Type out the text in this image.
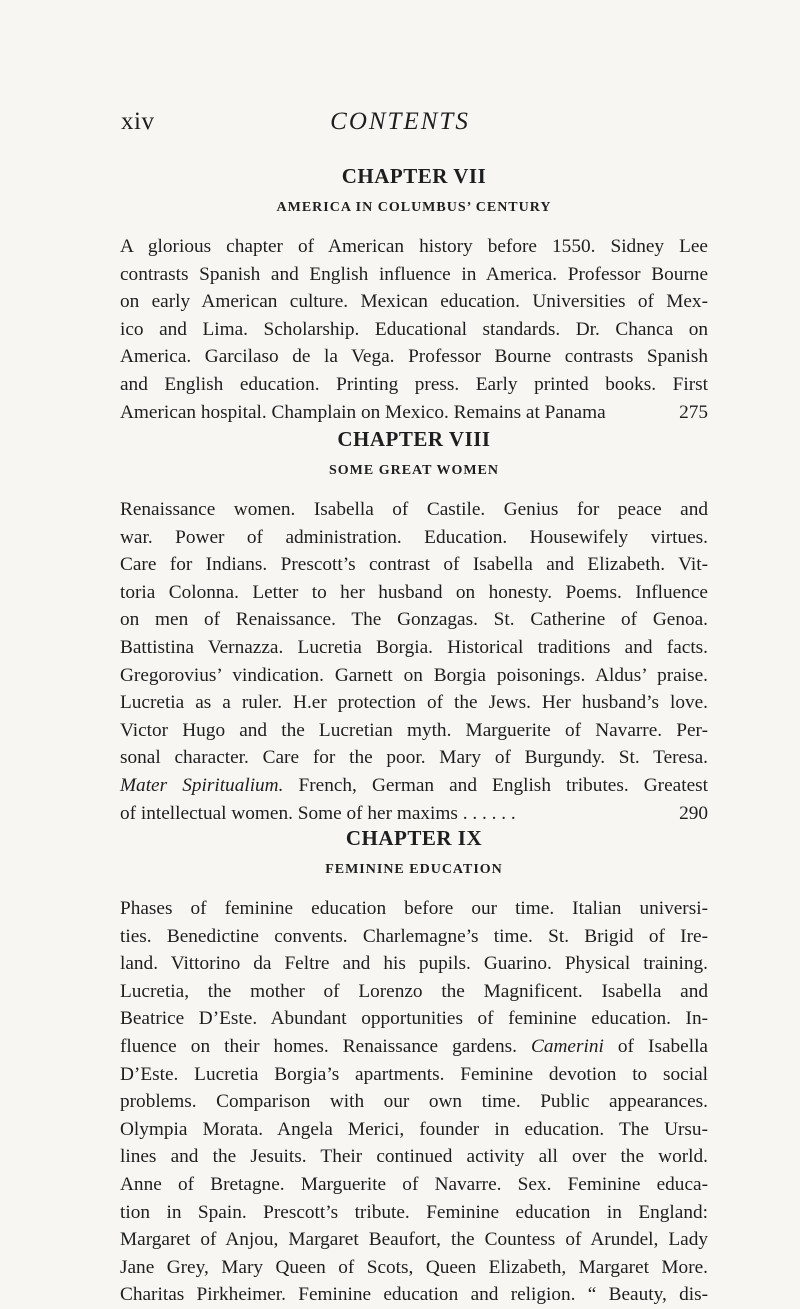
xiv	CONTENTS
CHAPTER VII
AMERICA IN COLUMBUS’ CENTURY
A glorious chapter of American history before 1550. Sidney Lee
contrasts Spanish and English influence in America. Professor Bourne
on early American culture. Mexican education. Universities of Mex-
ico and Lima. Scholarship. Educational standards. Dr. Chanca on
America. Garcilaso de la Vega. Professor Bourne contrasts Spanish
and English education. Printing press. Early printed books. First
American hospital. Champlain on Mexico. Remains at Panama	275
CHAPTER VIII
SOME GREAT WOMEN
Renaissance women. Isabella of Castile. Genius for peace and
war. Power of administration. Education. Housewifely virtues.
Care for Indians. Prescott’s contrast of Isabella and Elizabeth. Vit-
toria Colonna. Letter to her husband on honesty. Poems. Influence
on men of Renaissance. The Gonzagas. St. Catherine of Genoa.
Battistina Vernazza. Lucretia Borgia. Historical traditions and facts.
Gregorovius’ vindication. Garnett on Borgia poisonings. Aldus’ praise.
Lucretia as a ruler. H.er protection of the Jews. Her husband’s love.
Victor Hugo and the Lucretian myth. Marguerite of Navarre. Per-
sonal character. Care for the poor. Mary of Burgundy. St. Teresa.
Mater Spiritualium. French, German and English tributes. Greatest
of intellectual women. Some of her maxims . . . . . .	290
CHAPTER IX
FEMININE EDUCATION
Phases of feminine education before our time. Italian universi-
ties. Benedictine convents. Charlemagne’s time. St. Brigid of Ire-
land. Vittorino da Feltre and his pupils. Guarino. Physical training.
Lucretia, the mother of Lorenzo the Magnificent. Isabella and
Beatrice D’Este. Abundant opportunities of feminine education. In-
fluence on their homes. Renaissance gardens. Camerini of Isabella
D’Este. Lucretia Borgia’s apartments. Feminine devotion to social
problems. Comparison with our own time. Public appearances.
Olympia Morata. Angela Merici, founder in education. The Ursu-
lines and the Jesuits. Their continued activity all over the world.
Anne of Bretagne. Marguerite of Navarre. Sex. Feminine educa-
tion in Spain. Prescott’s tribute. Feminine education in England:
Margaret of Anjou, Margaret Beaufort, the Countess of Arundel, Lady
Jane Grey, Mary Queen of Scots, Queen Elizabeth, Margaret More.
Charitas Pirkheimer. Feminine education and religion. “ Beauty, dis-
